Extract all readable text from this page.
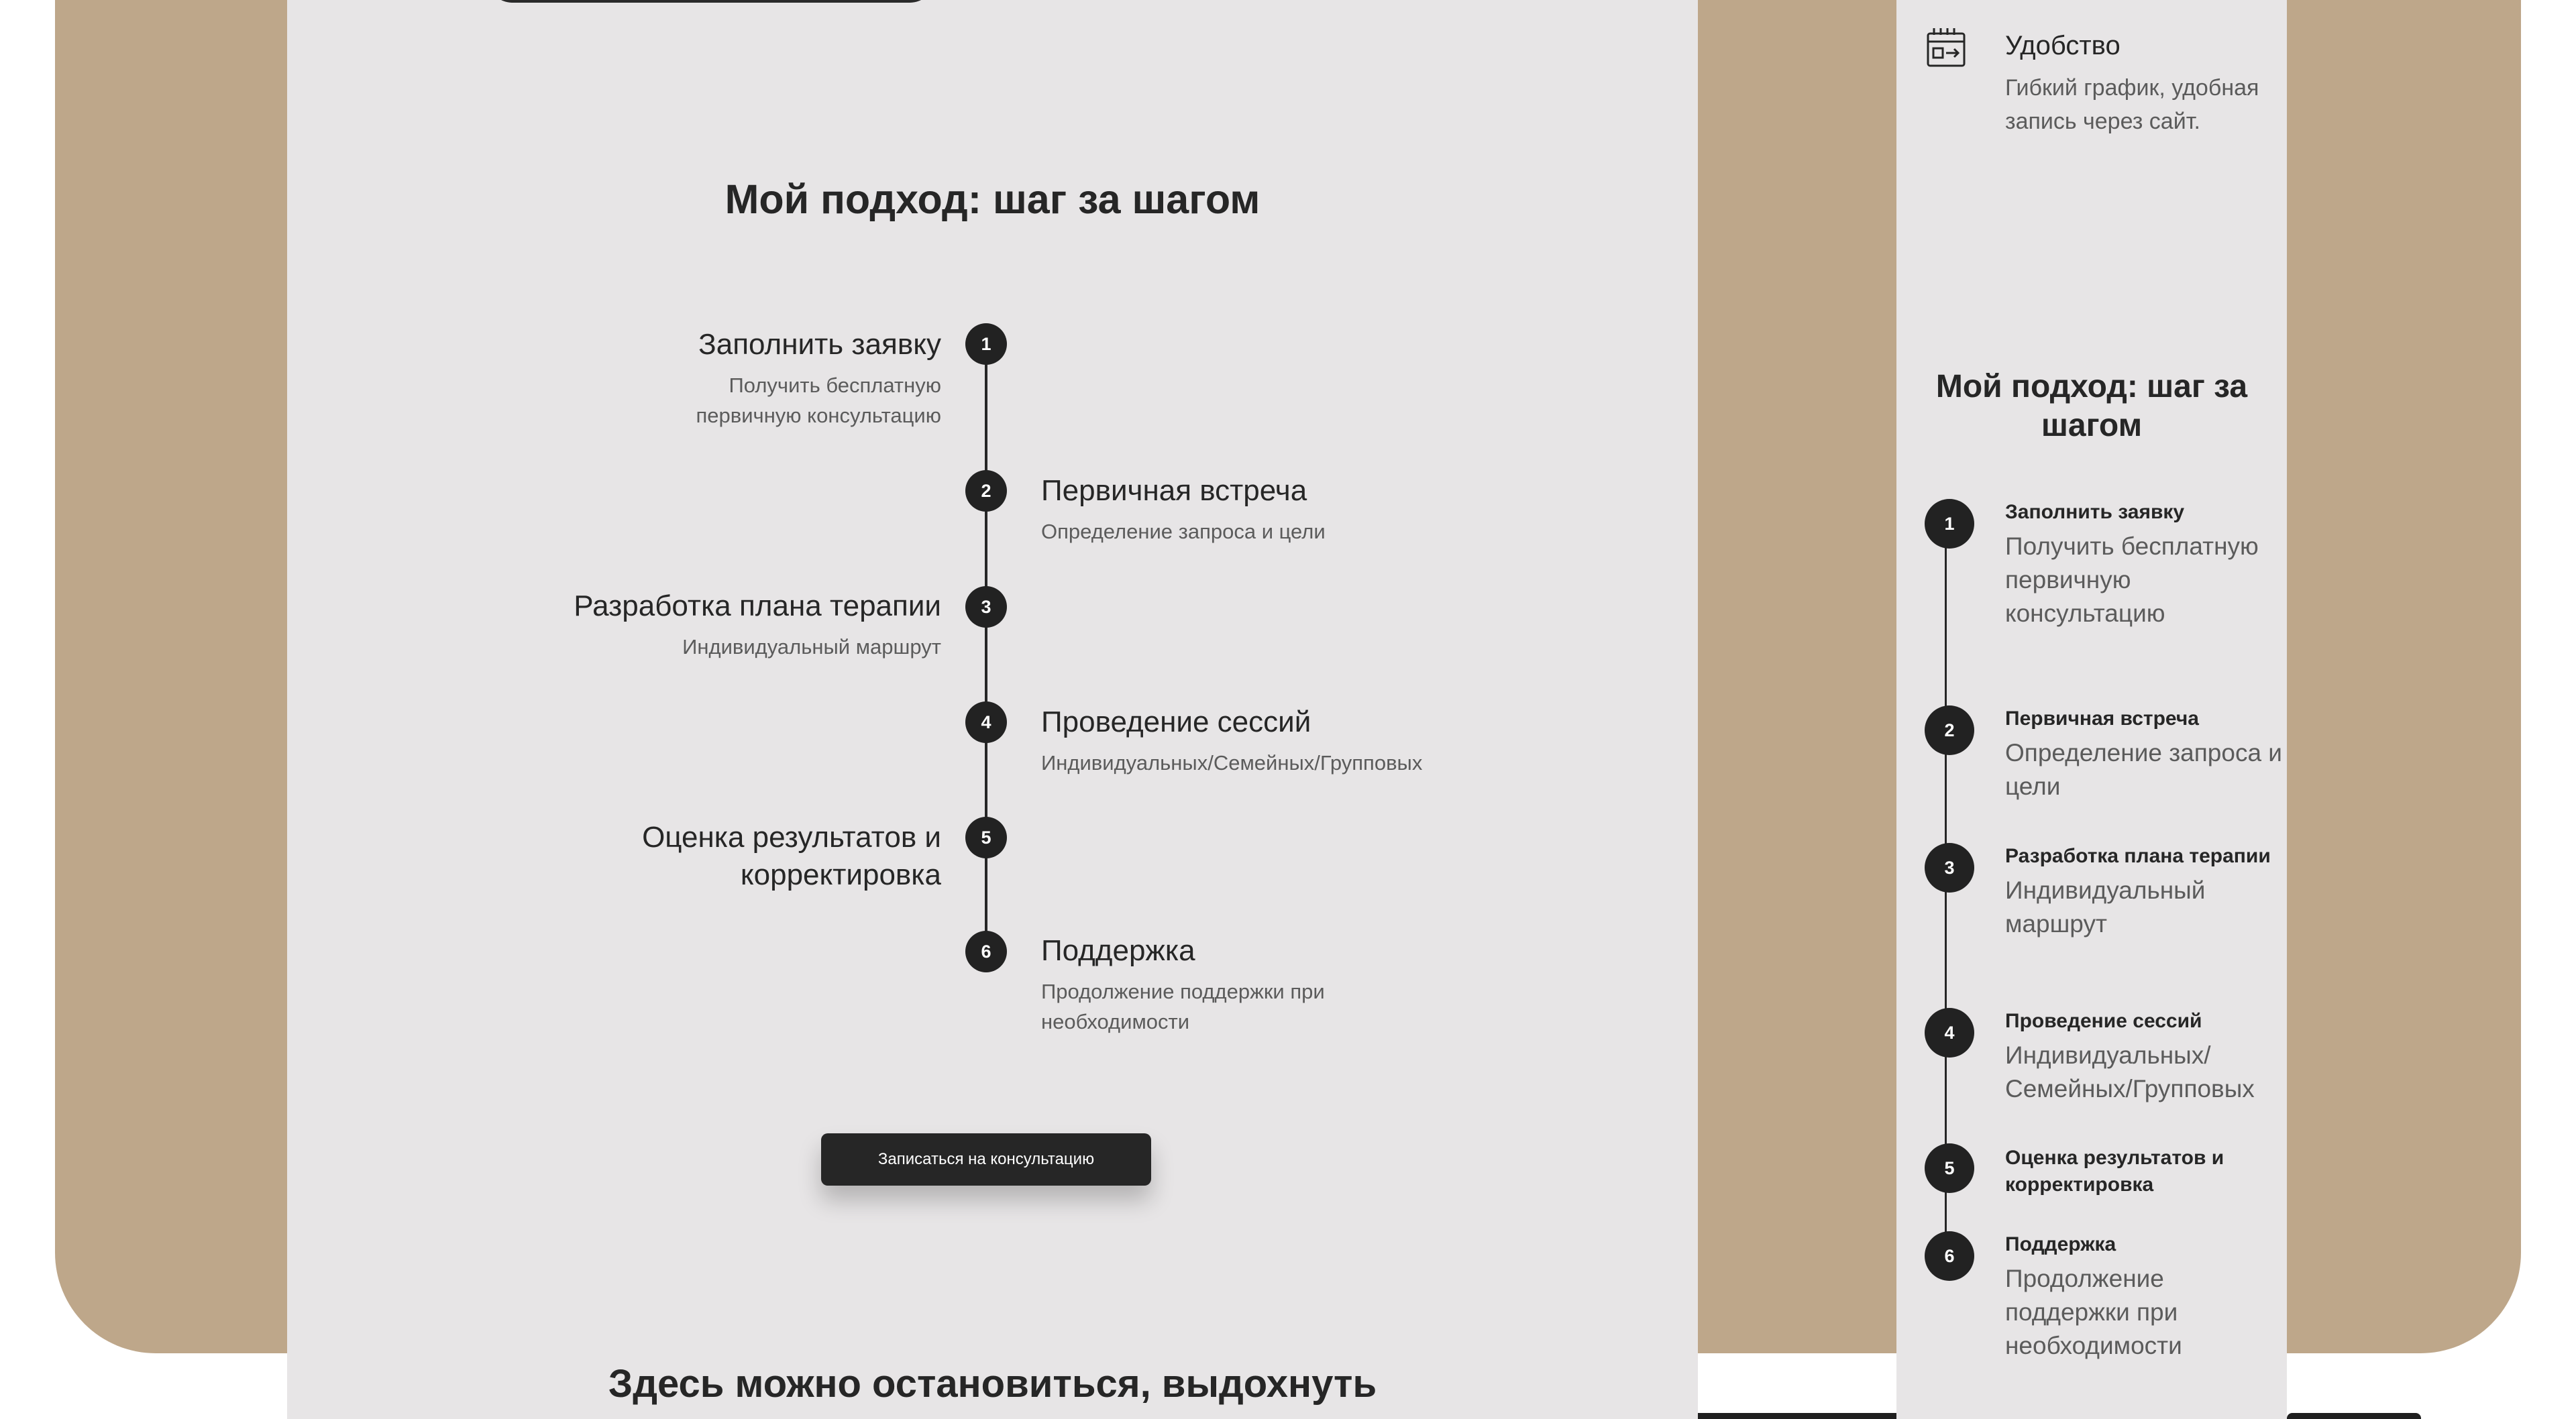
Мой подход: шаг за шагом
1
Заполнить заявку
Получить бесплатную первичную консультацию
2	Первичная встреча
Определение запроса и цели
3
Разработка плана терапии
Индивидуальный маршрут
4	Проведение сессий
Индивидуальных/Семейных/Групповых
5
Оценка результатов и корректировка
6	Поддержка
Продолжение поддержки при необходимости
Записаться на консультацию
Здесь можно остановиться, выдохнуть
Удобство
Гибкий график, удобная запись через сайт.
Мой подход: шаг за шагом
1
Заполнить заявку
Получить бесплатную первичную консультацию
2
Первичная встреча
Определение запроса и цели
3
Разработка плана терапии
Индивидуальный маршрут
4
Проведение сессий
Индивидуальных/ Семейных/Групповых
5	Оценка результатов и корректировка
6
Поддержка
Продолжение поддержки при необходимости
